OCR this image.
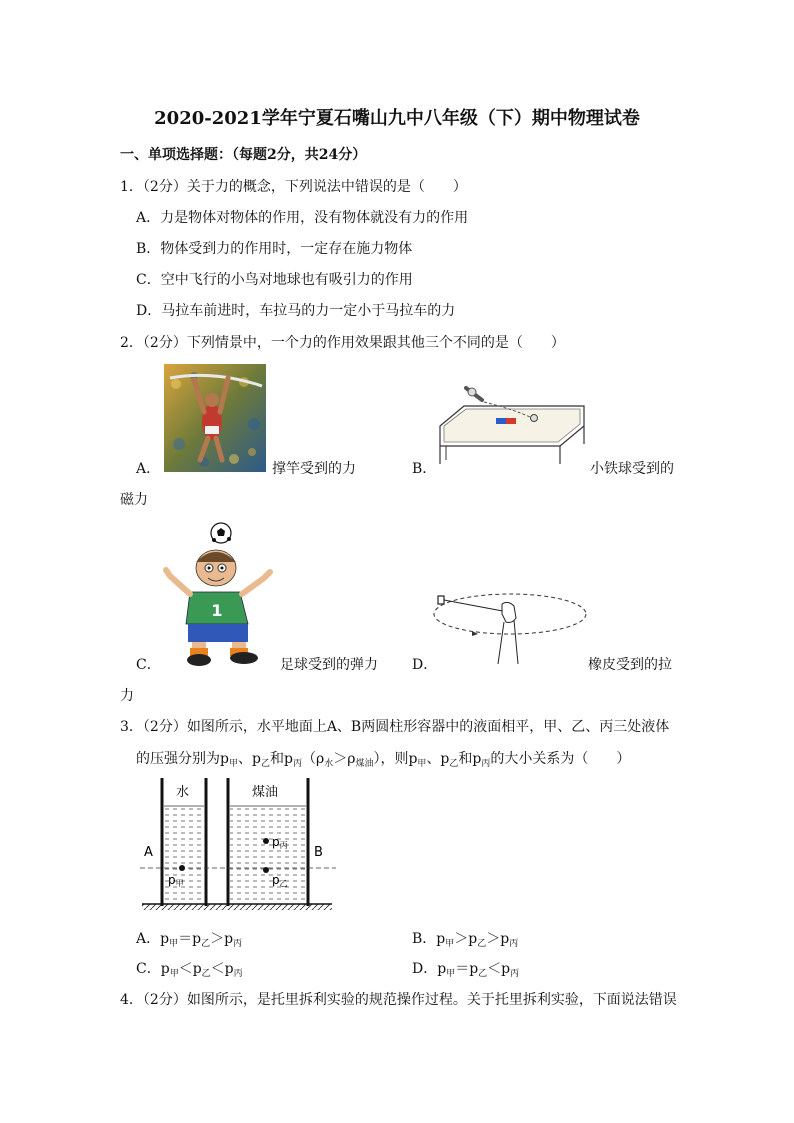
2020-2021学年宁夏石嘴山九中八年级（下）期中物理试卷
一、单项选择题：（每题2分，共24分）
1．（2分）关于力的概念，下列说法中错误的是（　　）
A．力是物体对物体的作用，没有物体就没有力的作用
B．物体受到力的作用时，一定存在施力物体
C．空中飞行的小鸟对地球也有吸引力的作用
D．马拉车前进时，车拉马的力一定小于马拉车的力
2．（2分）下列情景中，一个力的作用效果跟其他三个不同的是（　　）
A．	撑竿受到的力	B．	小铁球受到的
磁力
1
C．	足球受到的弹力 D．	橡皮受到的拉
力
3．（2分）如图所示，水平地面上A、B两圆柱形容器中的液面相平，甲、乙、丙三处液体
的压强分别为$p_甲$、$p_乙$和$p_丙(\rho_水>\rho_{煤油})$，则$p_甲$、$p_乙$和$p_丙$的大小关系为（　　）
水	煤油
A	B
p甲
p丙
p乙
A．$p_甲=p_乙>p_丙$	B．$p_甲>p_乙>p_丙$
C．$p_甲<p_乙<p_丙$	D．$p_甲=p_乙<p_丙$
4．（2分）如图所示，是托里拆利实验的规范操作过程。关于托里拆利实验，下面说法错误
